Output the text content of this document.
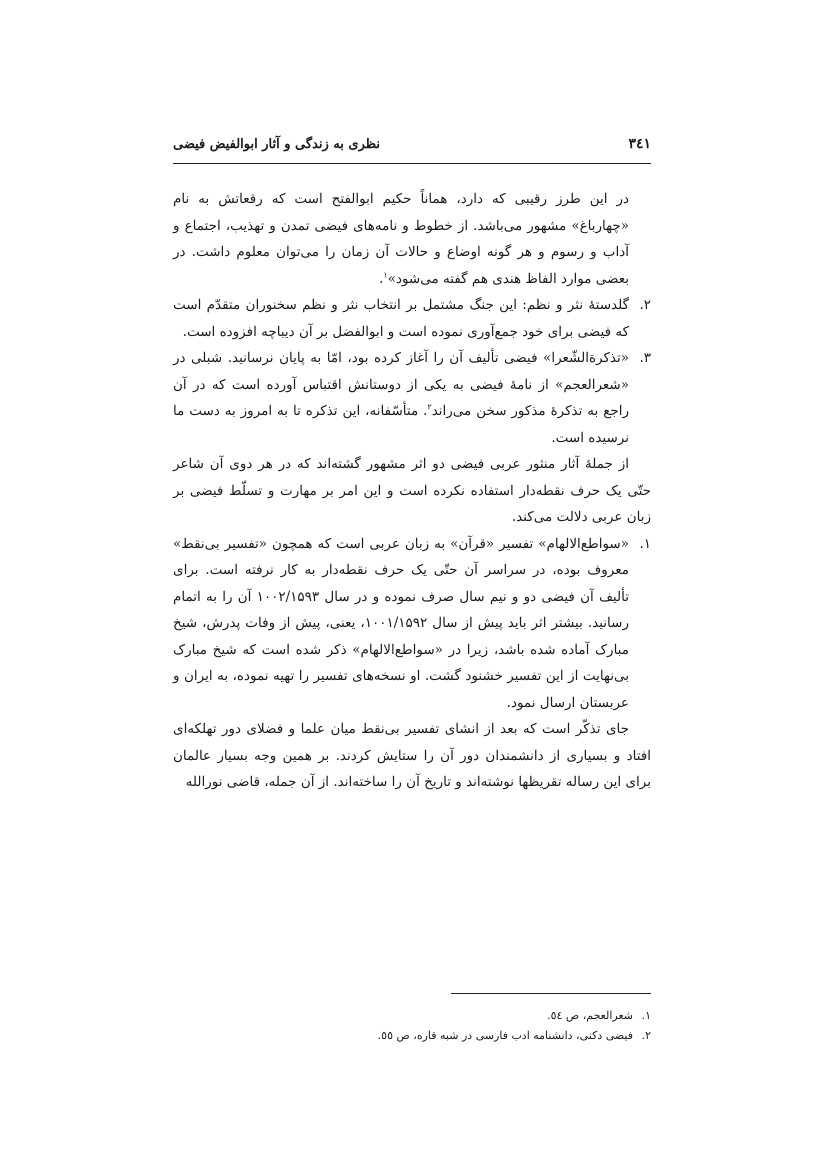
۳٤۱
نظری به زندگی و آثار ابوالفیض فیضی

در این طرز رقیبی که دارد، هماناً حکیم ابوالفتح است که رقعاتش به نام «چهارباغ» مشهور می‌باشد. از خطوط و نامه‌های فیضی تمدن و تهذیب، اجتماع و آداب و رسوم و هر گونه اوضاع و حالات آن زمان را می‌توان معلوم داشت. در بعضی موارد الفاظ هندی هم گفته می‌شود»$^۱$.

۲.
گلدستهٔ نثر و نظم: این جنگ مشتمل بر انتخاب نثر و نظم سخنوران متقدّم است که فیضی برای خود جمع‌آوری نموده است و ابوالفضل بر آن دیباچه افزوده است.
۳.
«تذکرةالشّعرا» فیضی تألیف آن را آغاز کرده بود، امّا به پایان نرسانید. شبلی در «شعرالعجم» از نامهٔ فیضی به یکی از دوستانش اقتباس آورده است که در آن راجع به تذکرهٔ مذکور سخن می‌راند$^۲$. متأسّفانه، این تذکره تا به امروز به دست ما نرسیده است.

از جملهٔ آثار منثور عربی فیضی دو اثر مشهور گشته‌اند که در هر دوی آن شاعر حتّی یک حرف نقطه‌دار استفاده نکرده است و این امر بر مهارت و تسلّط فیضی بر زبان عربی دلالت می‌کند.

۱.
«سواطع‌الالهام» تفسیر «قرآن» به زبان عربی است که همچون «تفسیر بی‌نقط» معروف بوده، در سراسر آن حتّی یک حرف نقطه‌دار به کار نرفته است. برای تألیف آن فیضی دو و نیم سال صرف نموده و در سال ۱۰۰۲/۱۵۹۳ آن را به اتمام رسانید. بیشتر اثر باید پیش از سال ۱۰۰۱/۱۵۹۲، یعنی، پیش از وفات پدرش، شیخ مبارک آماده شده باشد، زیرا در «سواطع‌الالهام» ذکر شده است که شیخ مبارک بی‌نهایت از این تفسیر خشنود گشت. او نسخه‌های تفسیر را تهیه نموده، به ایران و عربستان ارسال نمود.

جای تذکّر است که بعد از انشای تفسیر بی‌نقط میان علما و فضلای دور تهلکه‌ای افتاد و بسیاری از دانشمندان دور آن را ستایش کردند. بر همین وجه بسیار عالمان برای این رساله تقریظها نوشته‌اند و تاریخ آن را ساخته‌اند. از آن جمله، قاضی نورالله

۱.
شعرالعجم، ص ٥٤.
۲.
فیضی دکنی، دانشنامه ادب فارسی در شبه قاره، ص ٥٥.
